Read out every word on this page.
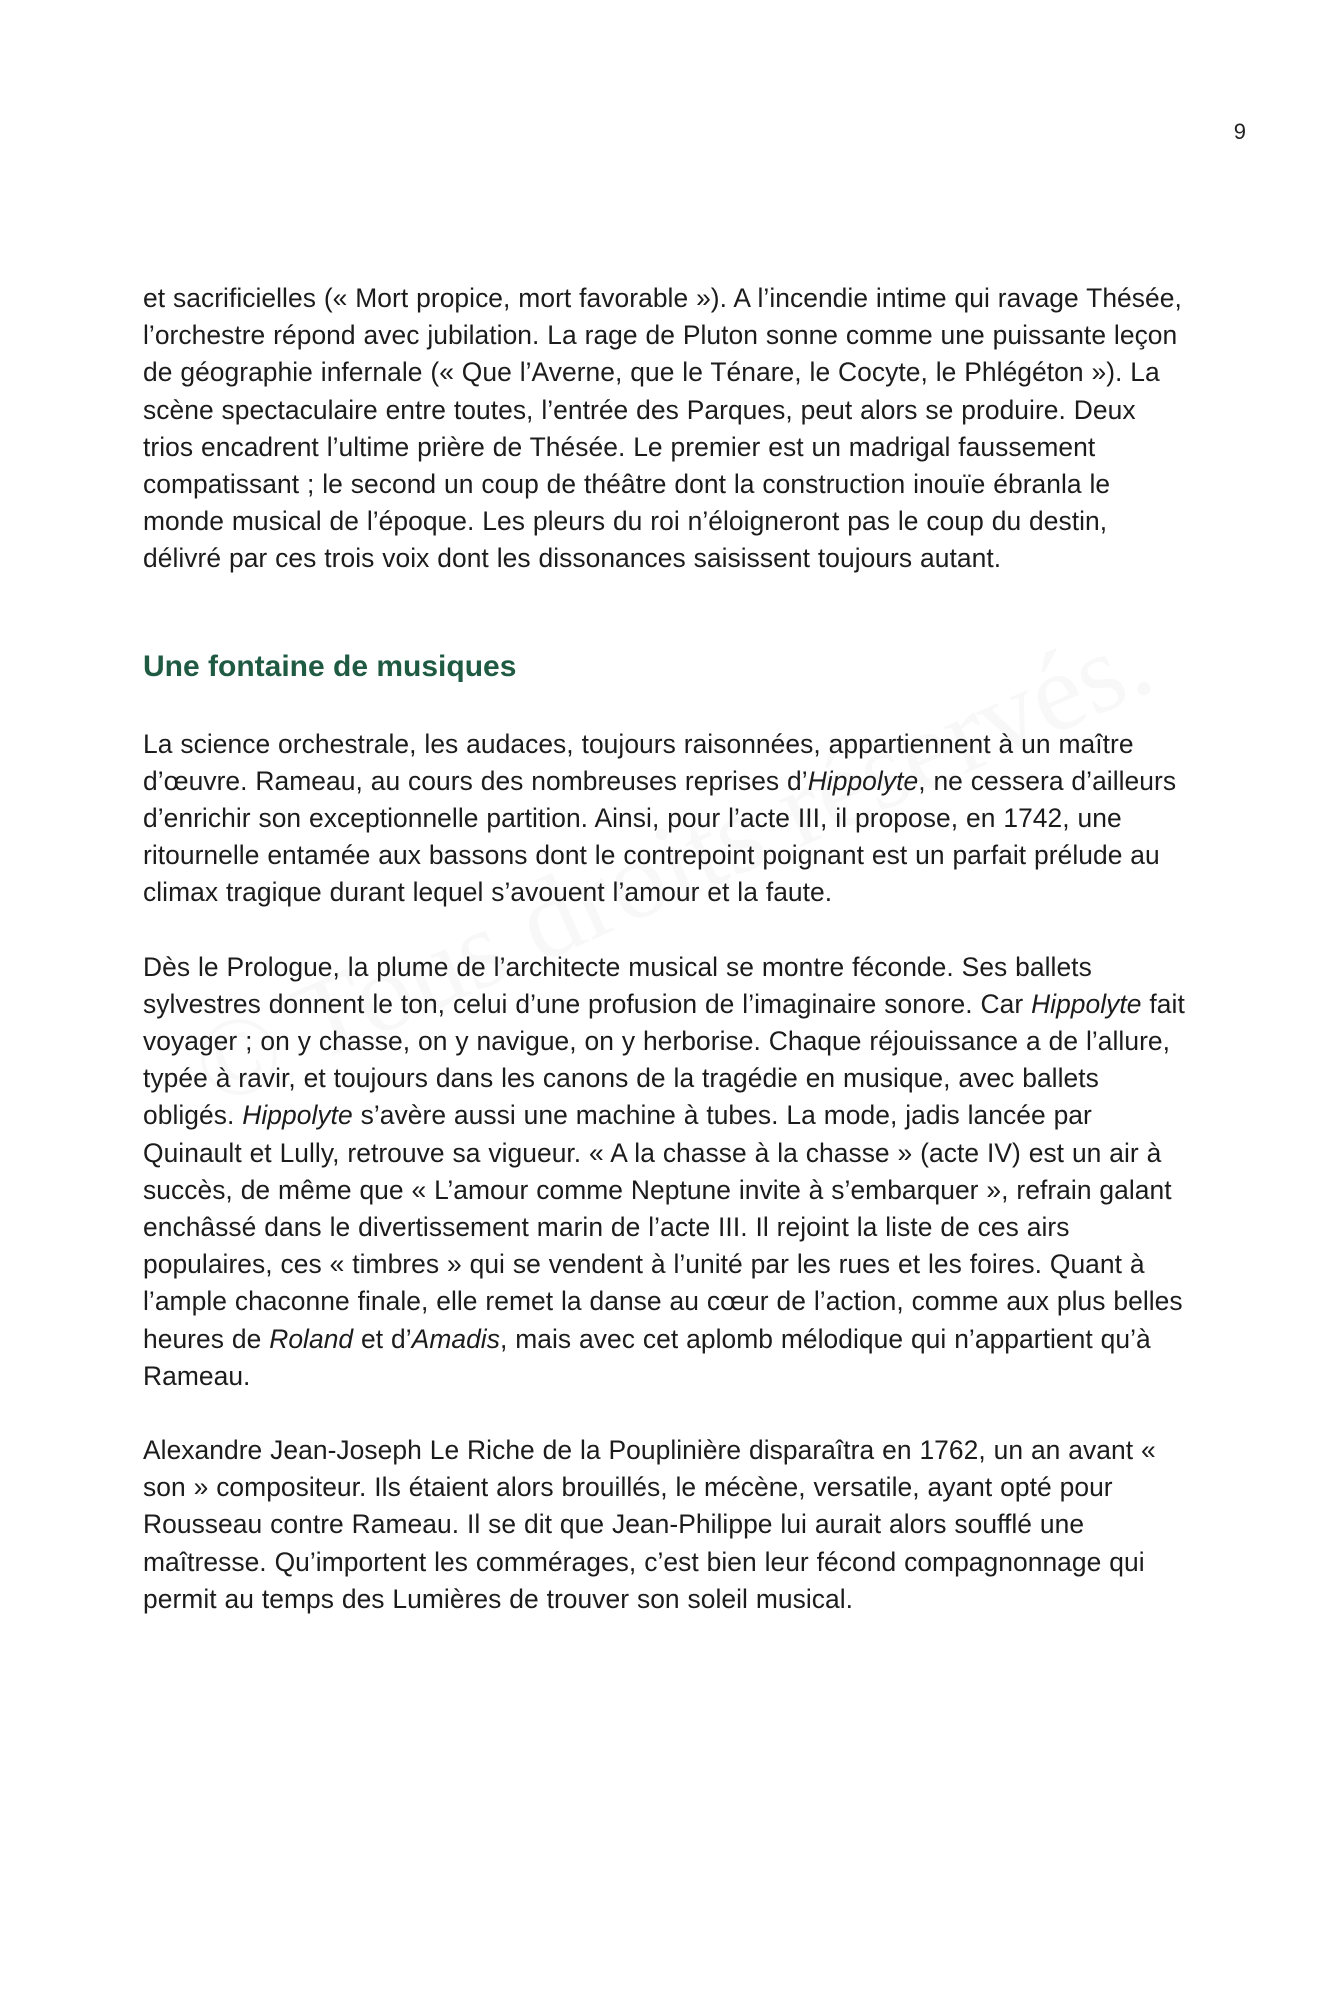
9

et sacrificielles (« Mort propice, mort favorable »). A l’incendie intime qui ravage Thésée, l’orchestre répond avec jubilation. La rage de Pluton sonne comme une puissante leçon de géographie infernale (« Que l’Averne, que le Ténare, le Cocyte, le Phlégéton »). La scène spectaculaire entre toutes, l’entrée des Parques, peut alors se produire. Deux trios encadrent l’ultime prière de Thésée. Le premier est un madrigal faussement compatissant ; le second un coup de théâtre dont la construction inouïe ébranla le monde musical de l’époque. Les pleurs du roi n’éloigneront pas le coup du destin, délivré par ces trois voix dont les dissonances saisissent toujours autant.

Une fontaine de musiques

La science orchestrale, les audaces, toujours raisonnées, appartiennent à un maître d’œuvre. Rameau, au cours des nombreuses reprises d’Hippolyte, ne cessera d’ailleurs d’enrichir son exceptionnelle partition. Ainsi, pour l’acte III, il propose, en 1742, une ritournelle entamée aux bassons dont le contrepoint poignant est un parfait prélude au climax tragique durant lequel s’avouent l’amour et la faute.

Dès le Prologue, la plume de l’architecte musical se montre féconde. Ses ballets sylvestres donnent le ton, celui d’une profusion de l’imaginaire sonore. Car Hippolyte fait voyager ; on y chasse, on y navigue, on y herborise. Chaque réjouissance a de l’allure, typée à ravir, et toujours dans les canons de la tragédie en musique, avec ballets obligés. Hippolyte s’avère aussi une machine à tubes. La mode, jadis lancée par Quinault et Lully, retrouve sa vigueur. « A la chasse à la chasse » (acte IV) est un air à succès, de même que « L’amour comme Neptune invite à s’embarquer », refrain galant enchâssé dans le divertissement marin de l’acte III. Il rejoint la liste de ces airs populaires, ces « timbres » qui se vendent à l’unité par les rues et les foires. Quant à l’ample chaconne finale, elle remet la danse au cœur de l’action, comme aux plus belles heures de Roland et d’Amadis, mais avec cet aplomb mélodique qui n’appartient qu’à Rameau.

Alexandre Jean-Joseph Le Riche de la Pouplinière disparaîtra en 1762, un an avant « son » compositeur. Ils étaient alors brouillés, le mécène, versatile, ayant opté pour Rousseau contre Rameau. Il se dit que Jean-Philippe lui aurait alors soufflé une maîtresse. Qu’importent les commérages, c’est bien leur fécond compagnonnage qui permit au temps des Lumières de trouver son soleil musical.
